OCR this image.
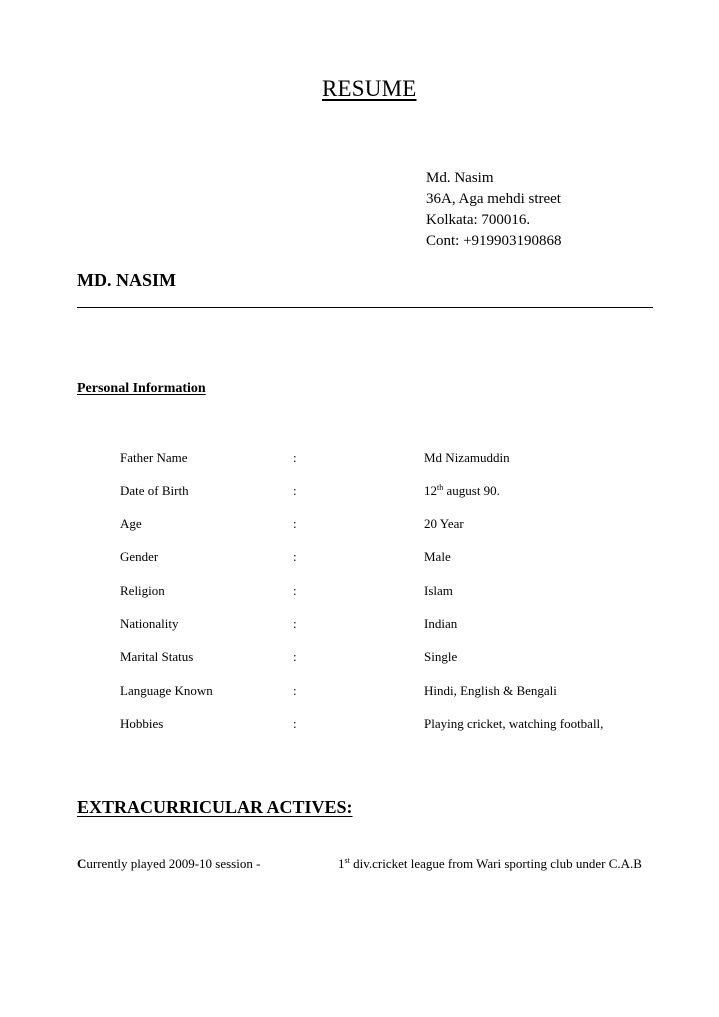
RESUME
Md. Nasim
36A, Aga mehdi street
Kolkata: 700016.
Cont: +919903190868
MD. NASIM
Personal Information
Father Name	:	Md Nizamuddin
Date of Birth	:	12th august 90.
Age	:	20 Year
Gender	:	Male
Religion	:	Islam
Nationality	:	Indian
Marital Status	:	Single
Language Known	:	Hindi, English & Bengali
Hobbies	:	Playing cricket, watching football,
EXTRACURRICULAR ACTIVES:
Currently played 2009-10 session -	1st div.cricket league from Wari sporting club under C.A.B
